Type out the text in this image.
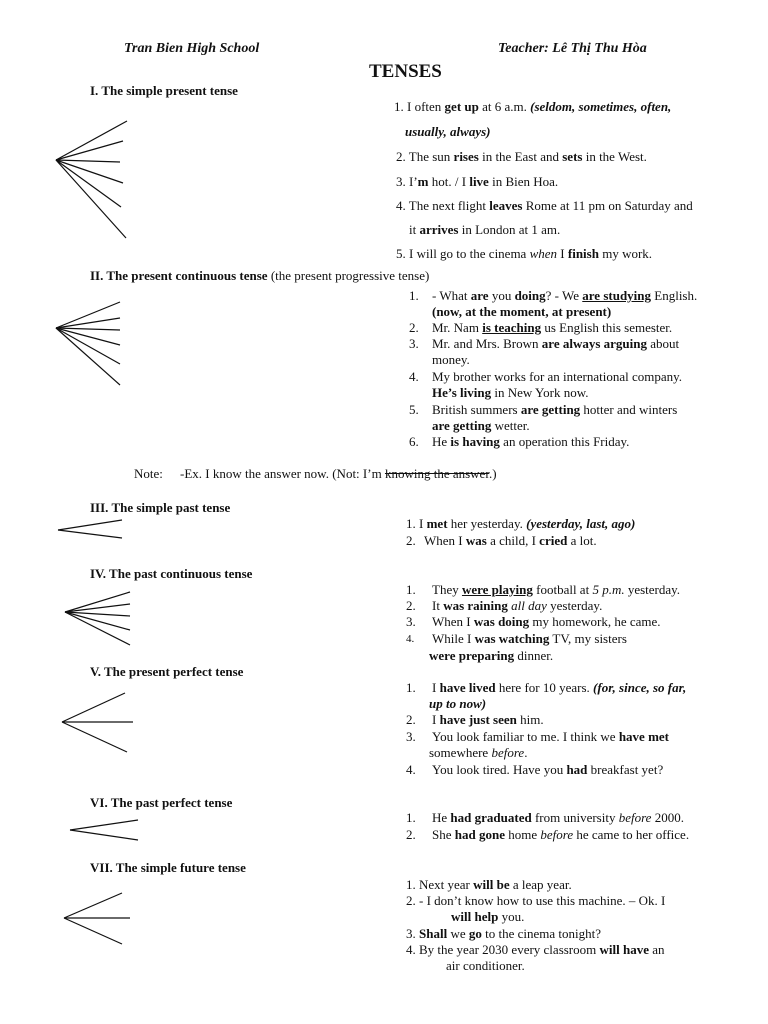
Tran Bien High School	Teacher: Lê Thị Thu Hòa
TENSES
I. The simple present tense
1. I often get up at 6 a.m. (seldom, sometimes, often,
usually, always)
2. The sun rises in the East and sets in the West.
3. I’m hot. / I live in Bien Hoa.
4. The next flight leaves Rome at 11 pm on Saturday and
it arrives in London at 1 am.
5. I will go to the cinema when I finish my work.
II. The present continuous tense (the present progressive tense)
1. - What are you doing? - We are studying English.
(now, at the moment, at present)
2. Mr. Nam is teaching us English this semester.
3. Mr. and Mrs. Brown are always arguing about
money.
4. My brother works for an international company.
He’s living in New York now.
5. British summers are getting hotter and winters
are getting wetter.
6. He is having an operation this Friday.
Note: -Ex. I know the answer now. (Not: I’m knowing the answer.)
III. The simple past tense
1. I met her yesterday. (yesterday, last, ago)
2. When I was a child, I cried a lot.
IV. The past continuous tense
1. They were playing football at 5 p.m. yesterday.
2. It was raining all day yesterday.
3. When I was doing my homework, he came.
4. While I was watching TV, my sisters
were preparing dinner.
V. The present perfect tense
1. I have lived here for 10 years. (for, since, so far,
up to now)
2. I have just seen him.
3. You look familiar to me. I think we have met
somewhere before.
4. You look tired. Have you had breakfast yet?
VI. The past perfect tense
1. He had graduated from university before 2000.
2. She had gone home before he came to her office.
VII. The simple future tense
1. Next year will be a leap year.
2. - I don’t know how to use this machine. – Ok. I
will help you.
3. Shall we go to the cinema tonight?
4. By the year 2030 every classroom will have an
air conditioner.
